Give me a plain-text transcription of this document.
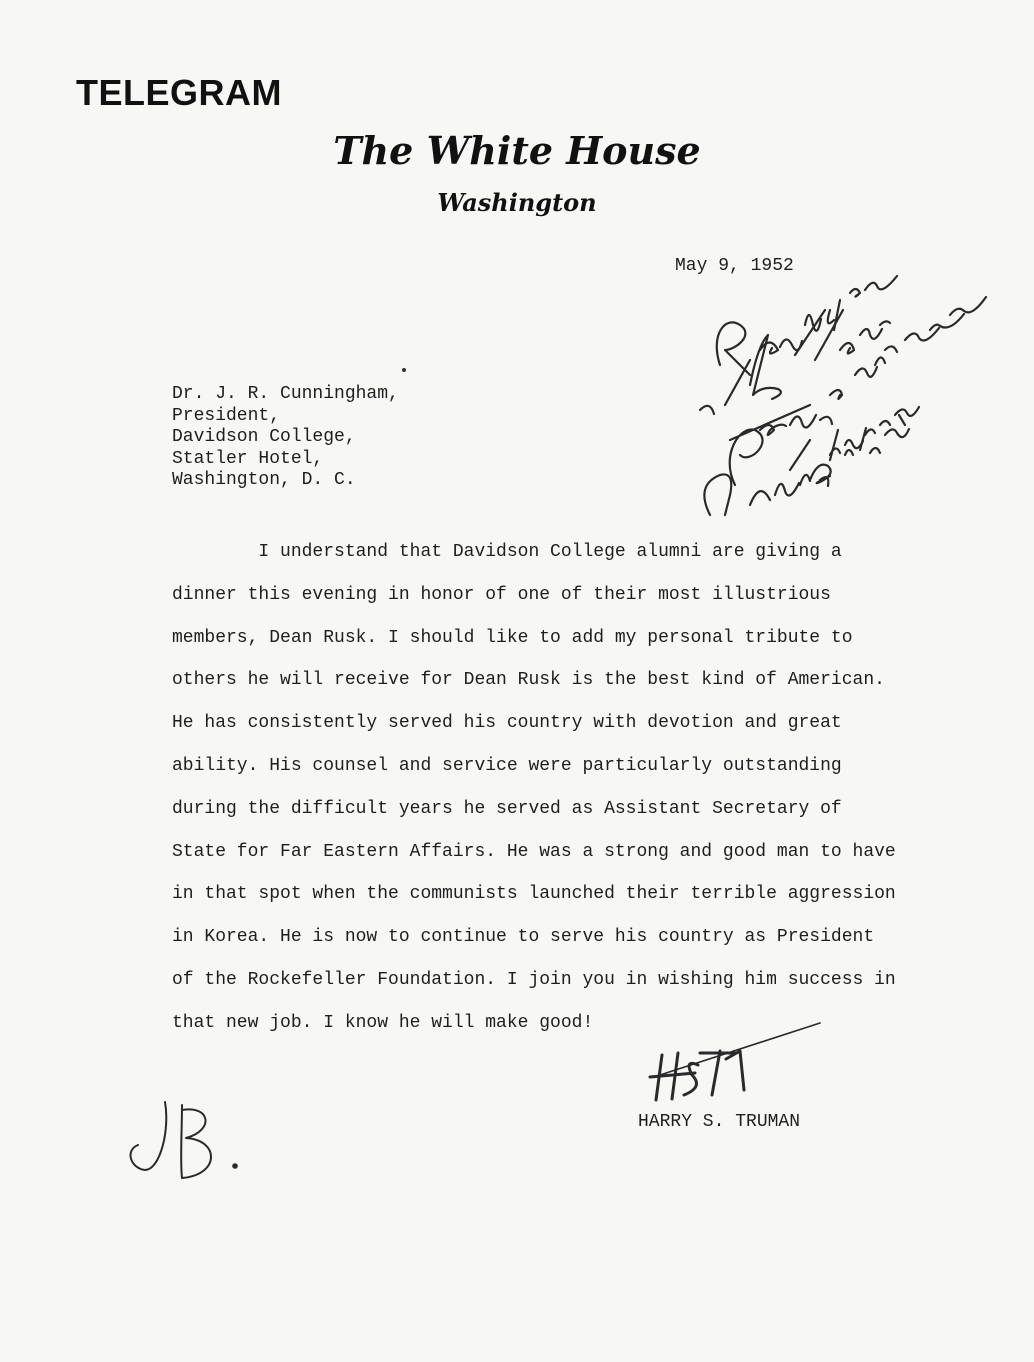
TELEGRAM
The White House
Washington
May 9, 1952
Dr. J. R. Cunningham,
President,
Davidson College,
Statler Hotel,
Washington, D. C.
I understand that Davidson College alumni are giving a
dinner this evening in honor of one of their most illustrious
members, Dean Rusk. I should like to add my personal tribute to
others he will receive for Dean Rusk is the best kind of American.
He has consistently served his country with devotion and great
ability. His counsel and service were particularly outstanding
during the difficult years he served as Assistant Secretary of
State for Far Eastern Affairs. He was a strong and good man to have
in that spot when the communists launched their terrible aggression
in Korea. He is now to continue to serve his country as President
of the Rockefeller Foundation. I join you in wishing him success in
that new job. I know he will make good!
HARRY S. TRUMAN
